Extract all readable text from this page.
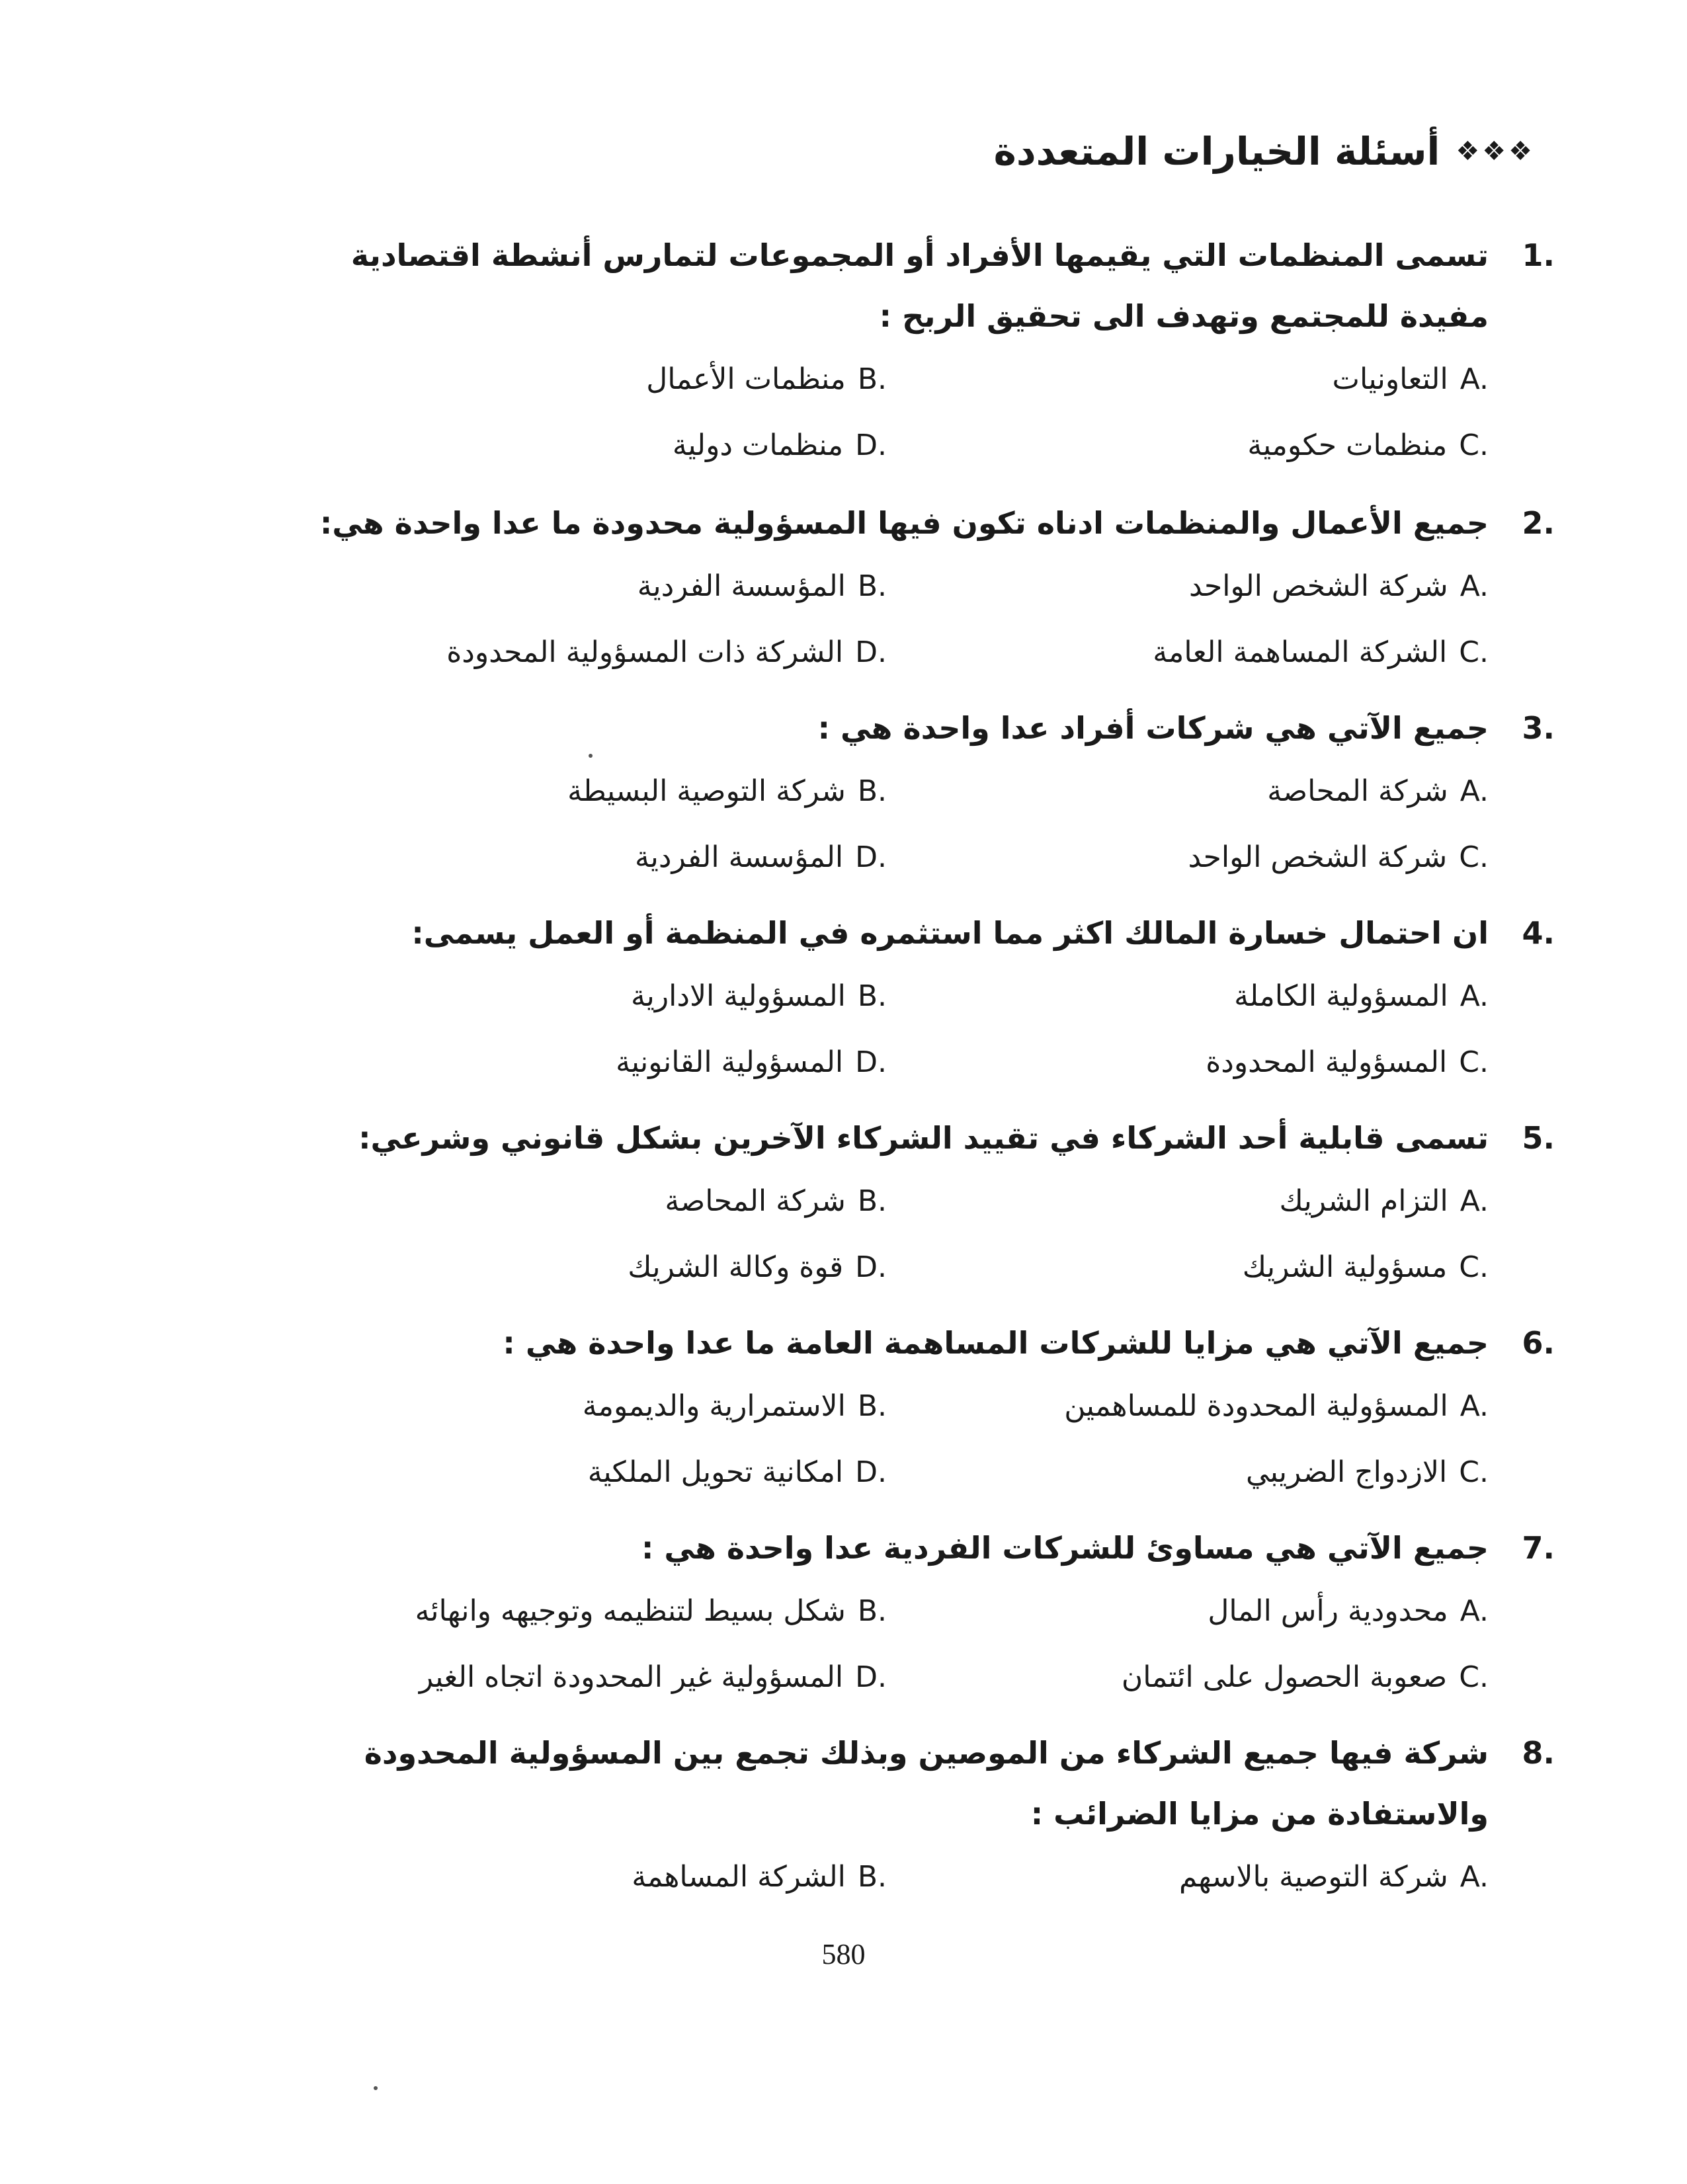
❖❖❖
أسئلة الخيارات المتعددة
1.
تسمى المنظمات التي يقيمها الأفراد أو المجموعات لتمارس أنشطة اقتصادية مفيدة للمجتمع وتهدف الى تحقيق الربح :
A.التعاونيات
B.منظمات الأعمال
C.منظمات حكومية
D.منظمات دولية
2.
جميع الأعمال والمنظمات ادناه تكون فيها المسؤولية محدودة ما عدا واحدة هي:
A.شركة الشخص الواحد
B.المؤسسة الفردية
C.الشركة المساهمة العامة
D.الشركة ذات المسؤولية المحدودة
3.
جميع الآتي هي شركات أفراد عدا واحدة هي :
A.شركة المحاصة
B.شركة التوصية البسيطة
C.شركة الشخص الواحد
D.المؤسسة الفردية
4.
ان احتمال خسارة المالك اكثر مما استثمره في المنظمة أو العمل يسمى:
A.المسؤولية الكاملة
B.المسؤولية الادارية
C.المسؤولية المحدودة
D.المسؤولية القانونية
5.
تسمى قابلية أحد الشركاء في تقييد الشركاء الآخرين بشكل قانوني وشرعي:
A.التزام الشريك
B.شركة المحاصة
C.مسؤولية الشريك
D.قوة وكالة الشريك
6.
جميع الآتي هي مزايا للشركات المساهمة العامة ما عدا واحدة هي :
A.المسؤولية المحدودة للمساهمين
B.الاستمرارية والديمومة
C.الازدواج الضريبي
D.امكانية تحويل الملكية
7.
جميع الآتي هي مساوئ للشركات الفردية عدا واحدة هي :
A.محدودية رأس المال
B.شكل بسيط لتنظيمه وتوجيهه وانهائه
C.صعوبة الحصول على ائتمان
D.المسؤولية غير المحدودة اتجاه الغير
8.
شركة فيها جميع الشركاء من الموصين وبذلك تجمع بين المسؤولية المحدودة والاستفادة من مزايا الضرائب :
A.شركة التوصية بالاسهم
B.الشركة المساهمة
580
